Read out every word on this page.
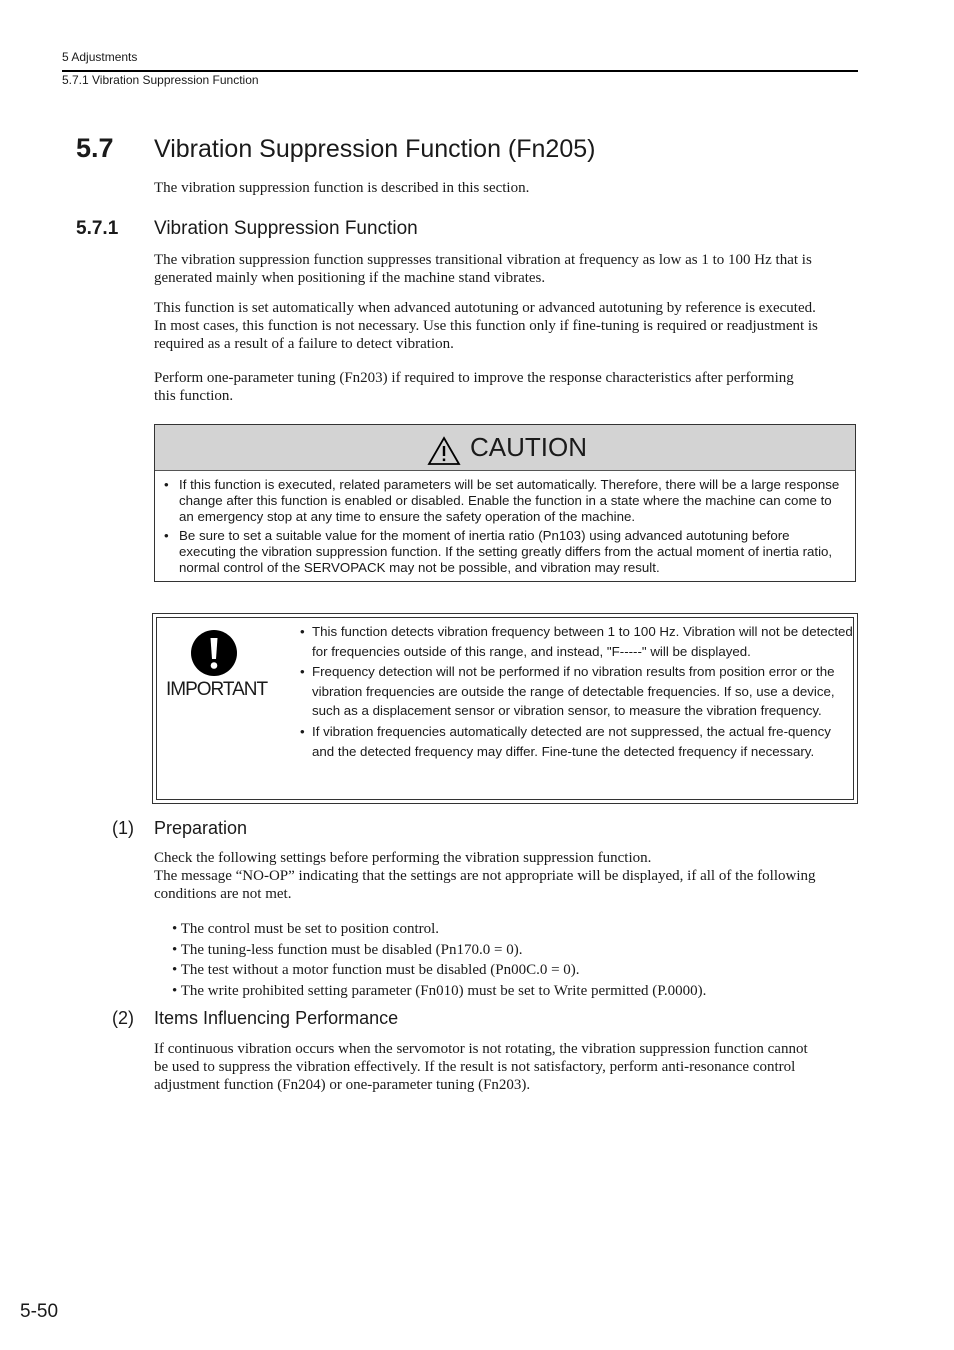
5 Adjustments
5.7.1 Vibration Suppression Function
5.7 Vibration Suppression Function (Fn205)
The vibration suppression function is described in this section.
5.7.1 Vibration Suppression Function
The vibration suppression function suppresses transitional vibration at frequency as low as 1 to 100 Hz that is
generated mainly when positioning if the machine stand vibrates.
This function is set automatically when advanced autotuning or advanced autotuning by reference is executed.
In most cases, this function is not necessary. Use this function only if fine-tuning is required or readjustment is
required as a result of a failure to detect vibration.
Perform one-parameter tuning (Fn203) if required to improve the response characteristics after performing
this function.
CAUTION
• If this function is executed, related parameters will be set automatically. Therefore, there will be a large response change after this function is enabled or disabled. Enable the function in a state where the machine can come to an emergency stop at any time to ensure the safety operation of the machine.
• Be sure to set a suitable value for the moment of inertia ratio (Pn103) using advanced autotuning before executing the vibration suppression function. If the setting greatly differs from the actual moment of inertia ratio, normal control of the SERVOPACK may not be possible, and vibration may result.
IMPORTANT
• This function detects vibration frequency between 1 to 100 Hz. Vibration will not be detected for frequencies outside of this range, and instead, "F-----" will be displayed.
• Frequency detection will not be performed if no vibration results from position error or the vibration frequencies are outside the range of detectable frequencies. If so, use a device, such as a displacement sensor or vibration sensor, to measure the vibration frequency.
• If vibration frequencies automatically detected are not suppressed, the actual fre-quency and the detected frequency may differ. Fine-tune the detected frequency if necessary.
(1) Preparation
Check the following settings before performing the vibration suppression function.
The message “NO-OP” indicating that the settings are not appropriate will be displayed, if all of the following
conditions are not met.
• The control must be set to position control.
• The tuning-less function must be disabled (Pn170.0 = 0).
• The test without a motor function must be disabled (Pn00C.0 = 0).
• The write prohibited setting parameter (Fn010) must be set to Write permitted (P.0000).
(2) Items Influencing Performance
If continuous vibration occurs when the servomotor is not rotating, the vibration suppression function cannot
be used to suppress the vibration effectively. If the result is not satisfactory, perform anti-resonance control
adjustment function (Fn204) or one-parameter tuning (Fn203).
5-50
